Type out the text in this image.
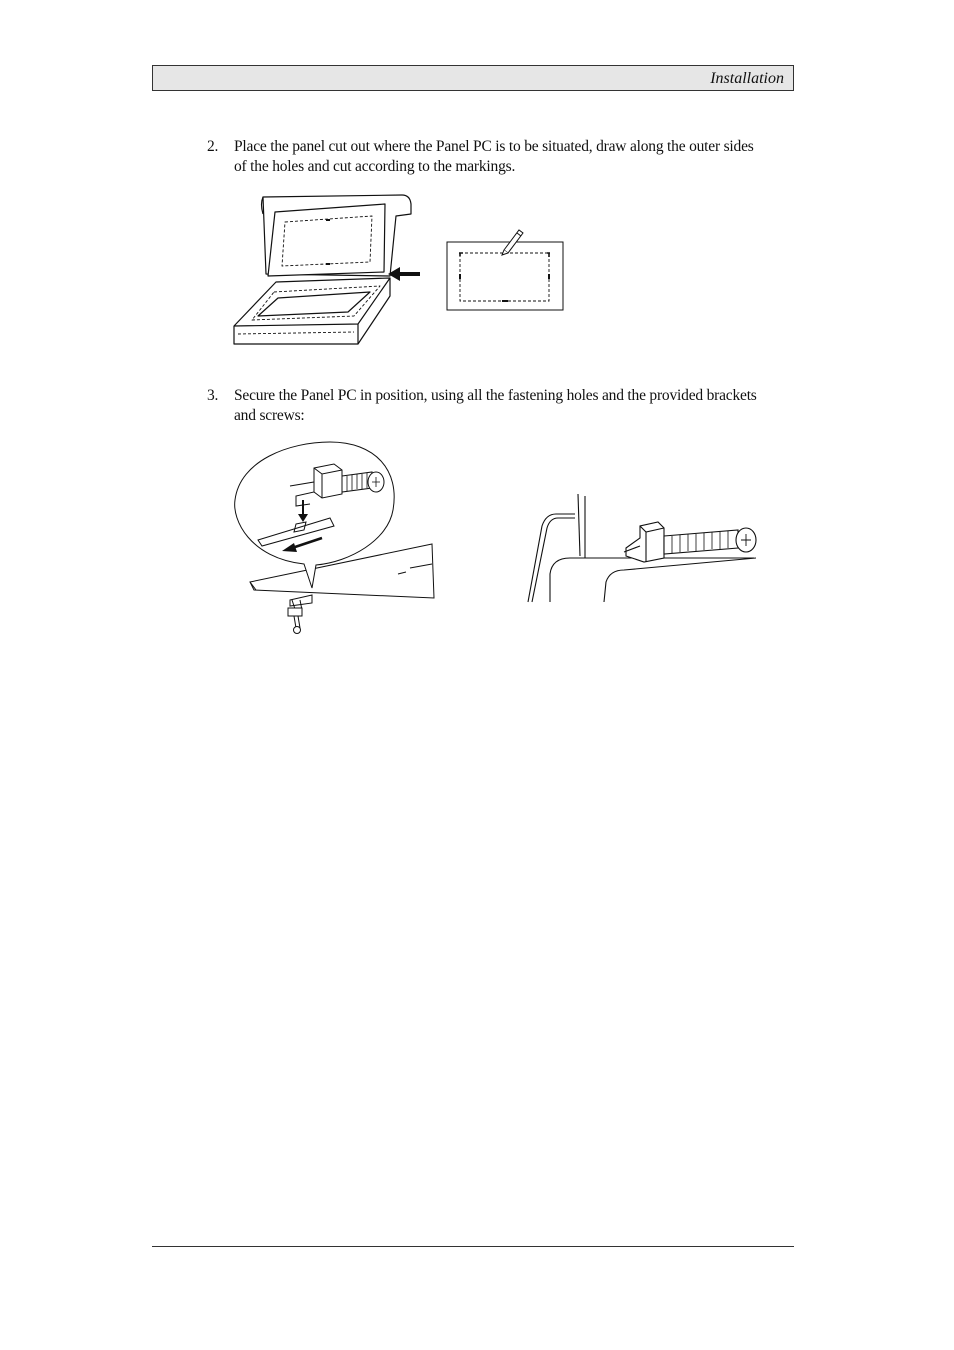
Installation
2. Place the panel cut out where the Panel PC is to be situated, draw along the outer sides of the holes and cut according to the markings.
3. Secure the Panel PC in position, using all the fastening holes and the provided brackets and screws:
